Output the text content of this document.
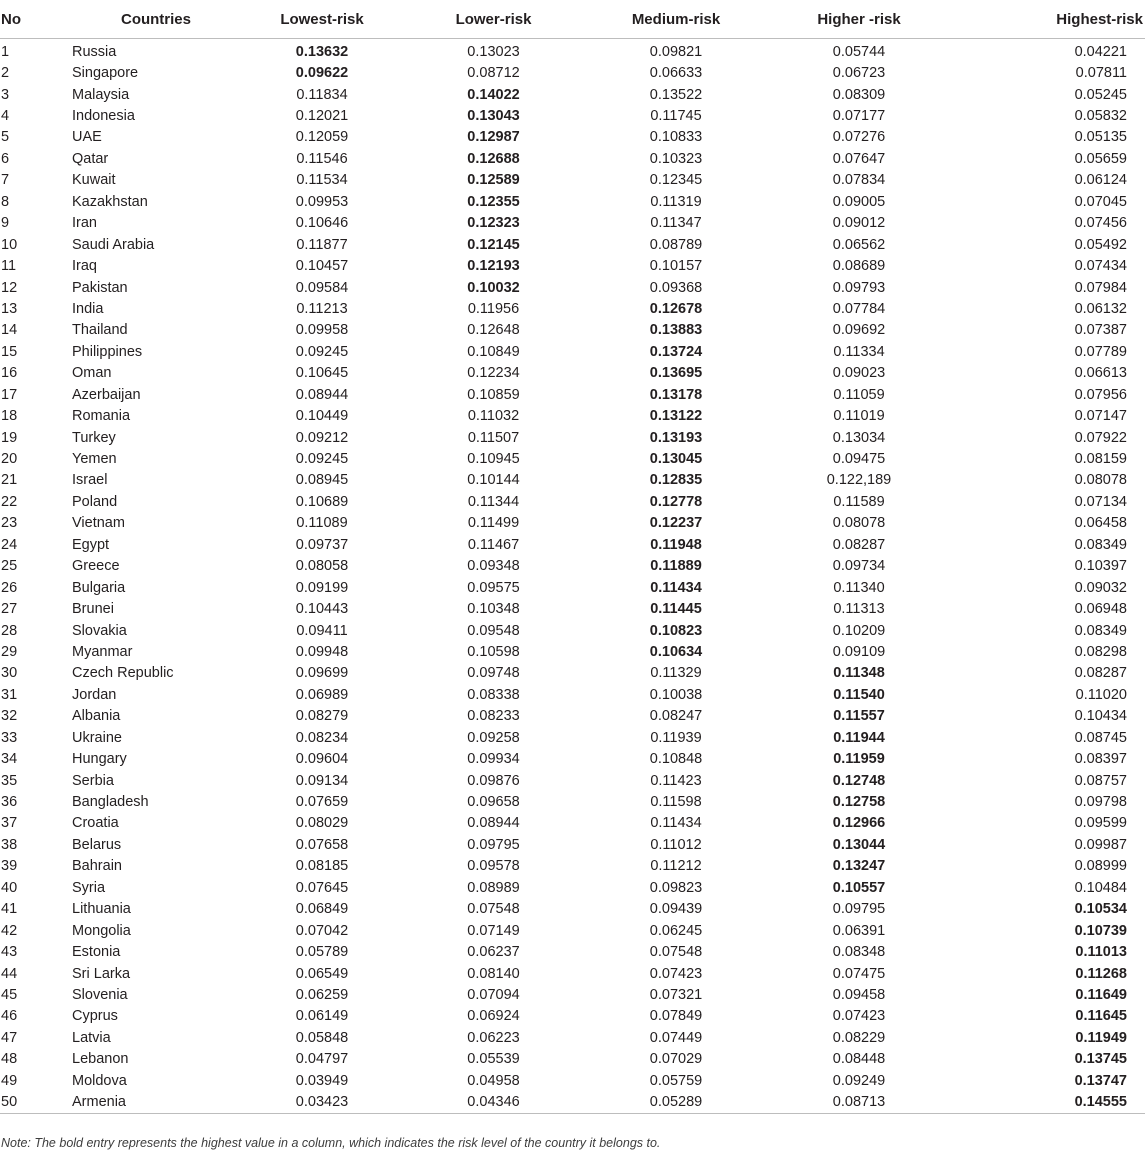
No	Countries	Lowest-risk	Lower-risk	Medium-risk	Higher -risk	Highest-risk
1	Russia	0.13632	0.13023	0.09821	0.05744	0.04221
2	Singapore	0.09622	0.08712	0.06633	0.06723	0.07811
3	Malaysia	0.11834	0.14022	0.13522	0.08309	0.05245
4	Indonesia	0.12021	0.13043	0.11745	0.07177	0.05832
5	UAE	0.12059	0.12987	0.10833	0.07276	0.05135
6	Qatar	0.11546	0.12688	0.10323	0.07647	0.05659
7	Kuwait	0.11534	0.12589	0.12345	0.07834	0.06124
8	Kazakhstan	0.09953	0.12355	0.11319	0.09005	0.07045
9	Iran	0.10646	0.12323	0.11347	0.09012	0.07456
10	Saudi Arabia	0.11877	0.12145	0.08789	0.06562	0.05492
11	Iraq	0.10457	0.12193	0.10157	0.08689	0.07434
12	Pakistan	0.09584	0.10032	0.09368	0.09793	0.07984
13	India	0.11213	0.11956	0.12678	0.07784	0.06132
14	Thailand	0.09958	0.12648	0.13883	0.09692	0.07387
15	Philippines	0.09245	0.10849	0.13724	0.11334	0.07789
16	Oman	0.10645	0.12234	0.13695	0.09023	0.06613
17	Azerbaijan	0.08944	0.10859	0.13178	0.11059	0.07956
18	Romania	0.10449	0.11032	0.13122	0.11019	0.07147
19	Turkey	0.09212	0.11507	0.13193	0.13034	0.07922
20	Yemen	0.09245	0.10945	0.13045	0.09475	0.08159
21	Israel	0.08945	0.10144	0.12835	0.122,189	0.08078
22	Poland	0.10689	0.11344	0.12778	0.11589	0.07134
23	Vietnam	0.11089	0.11499	0.12237	0.08078	0.06458
24	Egypt	0.09737	0.11467	0.11948	0.08287	0.08349
25	Greece	0.08058	0.09348	0.11889	0.09734	0.10397
26	Bulgaria	0.09199	0.09575	0.11434	0.11340	0.09032
27	Brunei	0.10443	0.10348	0.11445	0.11313	0.06948
28	Slovakia	0.09411	0.09548	0.10823	0.10209	0.08349
29	Myanmar	0.09948	0.10598	0.10634	0.09109	0.08298
30	Czech Republic	0.09699	0.09748	0.11329	0.11348	0.08287
31	Jordan	0.06989	0.08338	0.10038	0.11540	0.11020
32	Albania	0.08279	0.08233	0.08247	0.11557	0.10434
33	Ukraine	0.08234	0.09258	0.11939	0.11944	0.08745
34	Hungary	0.09604	0.09934	0.10848	0.11959	0.08397
35	Serbia	0.09134	0.09876	0.11423	0.12748	0.08757
36	Bangladesh	0.07659	0.09658	0.11598	0.12758	0.09798
37	Croatia	0.08029	0.08944	0.11434	0.12966	0.09599
38	Belarus	0.07658	0.09795	0.11012	0.13044	0.09987
39	Bahrain	0.08185	0.09578	0.11212	0.13247	0.08999
40	Syria	0.07645	0.08989	0.09823	0.10557	0.10484
41	Lithuania	0.06849	0.07548	0.09439	0.09795	0.10534
42	Mongolia	0.07042	0.07149	0.06245	0.06391	0.10739
43	Estonia	0.05789	0.06237	0.07548	0.08348	0.11013
44	Sri Larka	0.06549	0.08140	0.07423	0.07475	0.11268
45	Slovenia	0.06259	0.07094	0.07321	0.09458	0.11649
46	Cyprus	0.06149	0.06924	0.07849	0.07423	0.11645
47	Latvia	0.05848	0.06223	0.07449	0.08229	0.11949
48	Lebanon	0.04797	0.05539	0.07029	0.08448	0.13745
49	Moldova	0.03949	0.04958	0.05759	0.09249	0.13747
50	Armenia	0.03423	0.04346	0.05289	0.08713	0.14555
Note: The bold entry represents the highest value in a column, which indicates the risk level of the country it belongs to.
